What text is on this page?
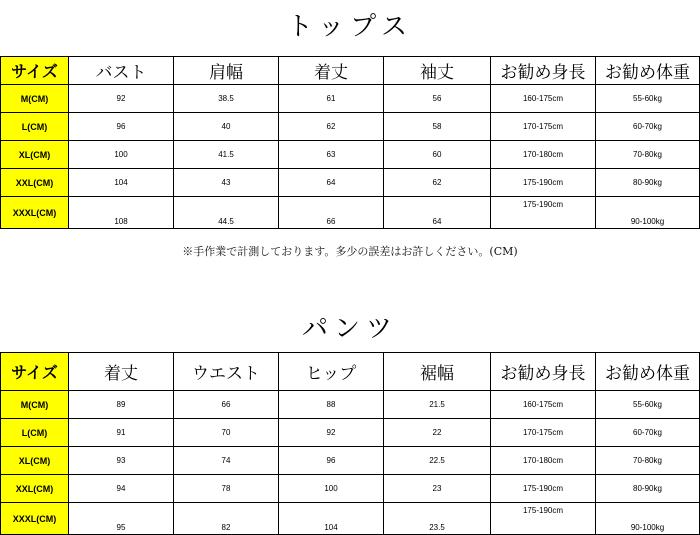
トップス
サイズ	バスト	肩幅	着丈	袖丈	お勧め身長	お勧め体重
M(CM)	92	38.5	61	56	160-175cm	55-60kg
L(CM)	96	40	62	58	170-175cm	60-70kg
XL(CM)	100	41.5	63	60	170-180cm	70-80kg
XXL(CM)	104	43	64	62	175-190cm	80-90kg
XXXL(CM)	108	44.5	66	64	175-190cm	90-100kg
※手作業で計測しております。多少の誤差はお許しください。(CM)
パンツ
サイズ	着丈	ウエスト	ヒップ	裾幅	お勧め身長	お勧め体重
M(CM)	89	66	88	21.5	160-175cm	55-60kg
L(CM)	91	70	92	22	170-175cm	60-70kg
XL(CM)	93	74	96	22.5	170-180cm	70-80kg
XXL(CM)	94	78	100	23	175-190cm	80-90kg
XXXL(CM)	95	82	104	23.5	175-190cm	90-100kg
